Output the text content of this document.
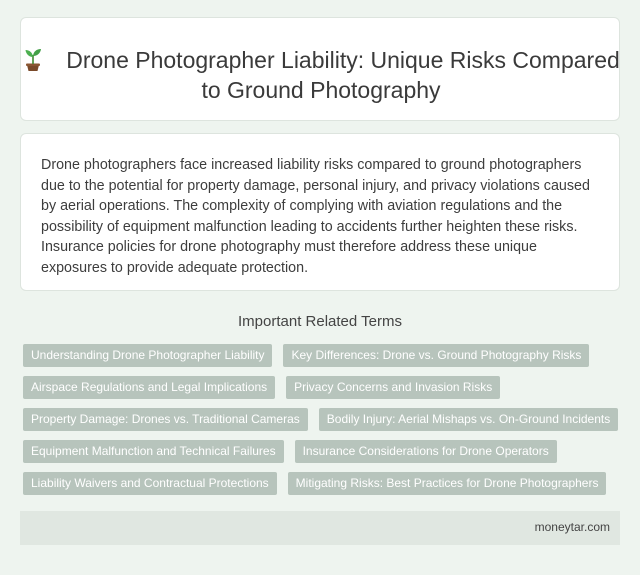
Drone Photographer Liability: Unique Risks Compared to Ground Photography
Drone photographers face increased liability risks compared to ground photographers due to the potential for property damage, personal injury, and privacy violations caused by aerial operations. The complexity of complying with aviation regulations and the possibility of equipment malfunction leading to accidents further heighten these risks. Insurance policies for drone photography must therefore address these unique exposures to provide adequate protection.
Important Related Terms
Understanding Drone Photographer Liability	Key Differences: Drone vs. Ground Photography Risks
Airspace Regulations and Legal Implications	Privacy Concerns and Invasion Risks
Property Damage: Drones vs. Traditional Cameras	Bodily Injury: Aerial Mishaps vs. On-Ground Incidents
Equipment Malfunction and Technical Failures	Insurance Considerations for Drone Operators
Liability Waivers and Contractual Protections	Mitigating Risks: Best Practices for Drone Photographers
moneytar.com
